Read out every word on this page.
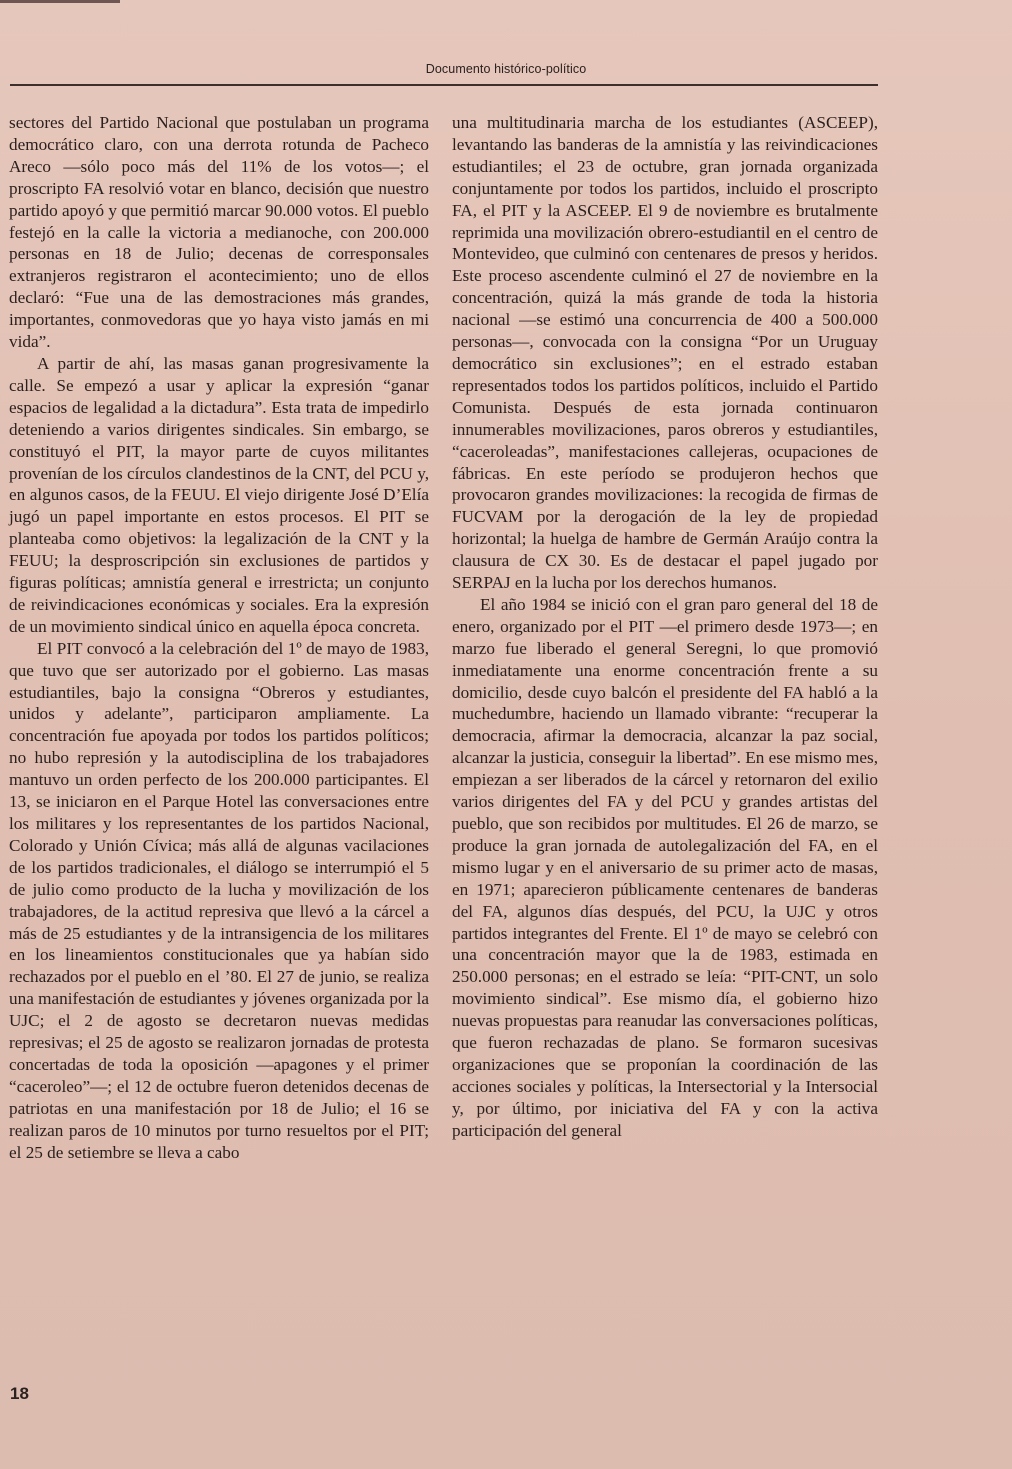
Documento histórico-político

sectores del Partido Nacional que postulaban un programa democrático claro, con una derrota rotunda de Pacheco Areco —sólo poco más del 11% de los votos—; el proscripto FA resolvió votar en blanco, decisión que nuestro partido apoyó y que permitió marcar 90.000 votos. El pueblo festejó en la calle la victoria a medianoche, con 200.000 personas en 18 de Julio; decenas de corresponsales extranjeros registraron el acontecimiento; uno de ellos declaró: “Fue una de las demostraciones más grandes, importantes, conmovedoras que yo haya visto jamás en mi vida”.

A partir de ahí, las masas ganan progresivamente la calle. Se empezó a usar y aplicar la expresión “ganar espacios de legalidad a la dictadura”. Esta trata de impedirlo deteniendo a varios dirigentes sindicales. Sin embargo, se constituyó el PIT, la mayor parte de cuyos militantes provenían de los círculos clandestinos de la CNT, del PCU y, en algunos casos, de la FEUU. El viejo dirigente José D’Elía jugó un papel importante en estos procesos. El PIT se planteaba como objetivos: la legalización de la CNT y la FEUU; la desproscripción sin exclusiones de partidos y figuras políticas; amnistía general e irrestricta; un conjunto de reivindicaciones económicas y sociales. Era la expresión de un movimiento sindical único en aquella época concreta.

El PIT convocó a la celebración del 1º de mayo de 1983, que tuvo que ser autorizado por el gobierno. Las masas estudiantiles, bajo la consigna “Obreros y estudiantes, unidos y adelante”, participaron ampliamente. La concentración fue apoyada por todos los partidos políticos; no hubo represión y la autodisciplina de los trabajadores mantuvo un orden perfecto de los 200.000 participantes. El 13, se iniciaron en el Parque Hotel las conversaciones entre los militares y los representantes de los partidos Nacional, Colorado y Unión Cívica; más allá de algunas vacilaciones de los partidos tradicionales, el diálogo se interrumpió el 5 de julio como producto de la lucha y movilización de los trabajadores, de la actitud represiva que llevó a la cárcel a más de 25 estudiantes y de la intransigencia de los militares en los lineamientos constitucionales que ya habían sido rechazados por el pueblo en el ’80. El 27 de junio, se realiza una manifestación de estudiantes y jóvenes organizada por la UJC; el 2 de agosto se decretaron nuevas medidas represivas; el 25 de agosto se realizaron jornadas de protesta concertadas de toda la oposición —apagones y el primer “caceroleo”—; el 12 de octubre fueron detenidos decenas de patriotas en una manifestación por 18 de Julio; el 16 se realizan paros de 10 minutos por turno resueltos por el PIT; el 25 de setiembre se lleva a cabo

una multitudinaria marcha de los estudiantes (ASCEEP), levantando las banderas de la amnistía y las reivindicaciones estudiantiles; el 23 de octubre, gran jornada organizada conjuntamente por todos los partidos, incluido el proscripto FA, el PIT y la ASCEEP. El 9 de noviembre es brutalmente reprimida una movilización obrero-estudiantil en el centro de Montevideo, que culminó con centenares de presos y heridos. Este proceso ascendente culminó el 27 de noviembre en la concentración, quizá la más grande de toda la historia nacional —se estimó una concurrencia de 400 a 500.000 personas—, convocada con la consigna “Por un Uruguay democrático sin exclusiones”; en el estrado estaban representados todos los partidos políticos, incluido el Partido Comunista. Después de esta jornada continuaron innumerables movilizaciones, paros obreros y estudiantiles, “caceroleadas”, manifestaciones callejeras, ocupaciones de fábricas. En este período se produjeron hechos que provocaron grandes movilizaciones: la recogida de firmas de FUCVAM por la derogación de la ley de propiedad horizontal; la huelga de hambre de Germán Araújo contra la clausura de CX 30. Es de destacar el papel jugado por SERPAJ en la lucha por los derechos humanos.

El año 1984 se inició con el gran paro general del 18 de enero, organizado por el PIT —el primero desde 1973—; en marzo fue liberado el general Seregni, lo que promovió inmediatamente una enorme concentración frente a su domicilio, desde cuyo balcón el presidente del FA habló a la muchedumbre, haciendo un llamado vibrante: “recuperar la democracia, afirmar la democracia, alcanzar la paz social, alcanzar la justicia, conseguir la libertad”. En ese mismo mes, empiezan a ser liberados de la cárcel y retornaron del exilio varios dirigentes del FA y del PCU y grandes artistas del pueblo, que son recibidos por multitudes. El 26 de marzo, se produce la gran jornada de autolegalización del FA, en el mismo lugar y en el aniversario de su primer acto de masas, en 1971; aparecieron públicamente centenares de banderas del FA, algunos días después, del PCU, la UJC y otros partidos integrantes del Frente. El 1º de mayo se celebró con una concentración mayor que la de 1983, estimada en 250.000 personas; en el estrado se leía: “PIT-CNT, un solo movimiento sindical”. Ese mismo día, el gobierno hizo nuevas propuestas para reanudar las conversaciones políticas, que fueron rechazadas de plano. Se formaron sucesivas organizaciones que se proponían la coordinación de las acciones sociales y políticas, la Intersectorial y la Intersocial y, por último, por iniciativa del FA y con la activa participación del general

18
